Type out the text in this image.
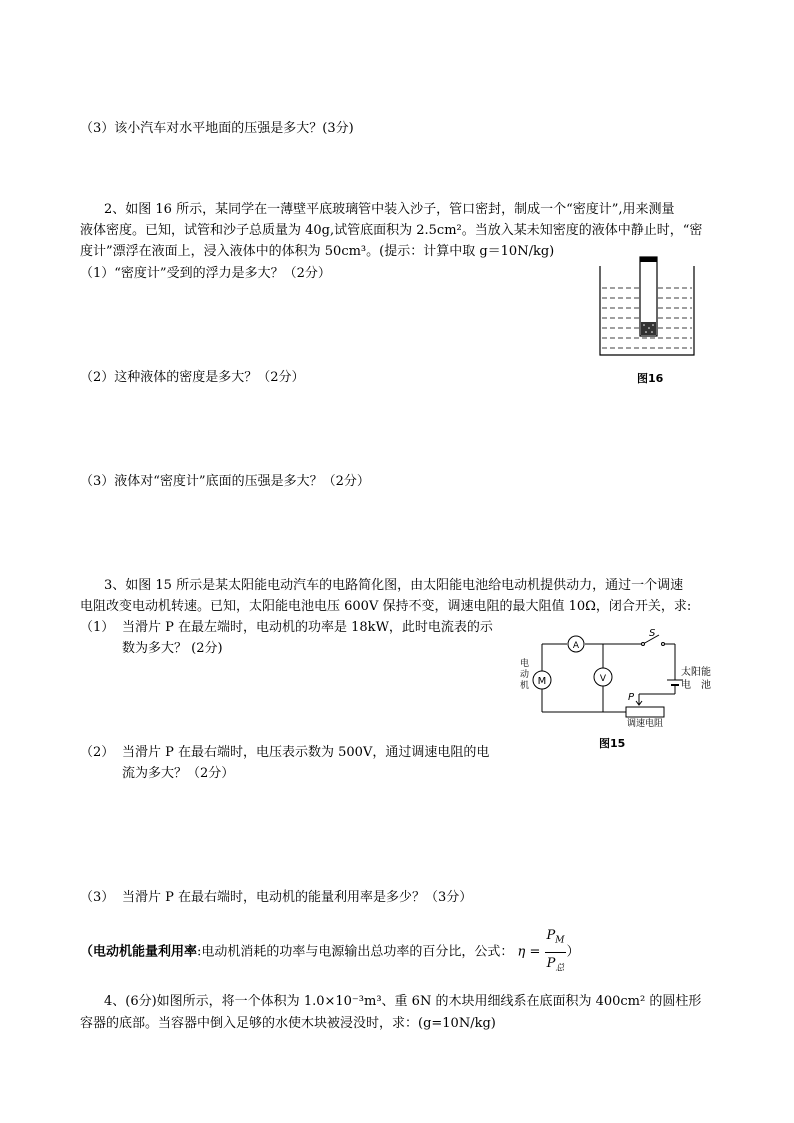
（3）该小汽车对水平地面的压强是多大？(3分)
2、如图 16 所示，某同学在一薄壁平底玻璃管中装入沙子，管口密封，制成一个“密度计”,用来测量
液体密度。已知，试管和沙子总质量为 40g,试管底面积为 2.5cm²。当放入某未知密度的液体中静止时，“密
度计”漂浮在液面上，浸入液体中的体积为 50cm³。(提示：计算中取 g＝10N/kg)
（1）“密度计”受到的浮力是多大？（2分）
（2）这种液体的密度是多大？（2分）
（3）液体对“密度计”底面的压强是多大？（2分）
图16
3、如图 15 所示是某太阳能电动汽车的电路简化图，由太阳能电池给电动机提供动力，通过一个调速
电阻改变电动机转速。已知，太阳能电池电压 600V 保持不变，调速电阻的最大阻值 10Ω，闭合开关，求:
（1） 当滑片 P 在最左端时，电动机的功率是 18kW，此时电流表的示
数为多大？ (2分)
（2） 当滑片 P 在最右端时，电压表示数为 500V，通过调速电阻的电
流为多大？（2分）
（3） 当滑片 P 在最右端时，电动机的能量利用率是多少？（3分）
（电动机能量利用率:电动机消耗的功率与电源输出总功率的百分比，公式： $\eta = \frac{P_M}{P_总}$ ）
A
M	V
S
P
太阳能
电　池
调速电阻
电
动
机
图15
4、(6分)如图所示，将一个体积为 1.0×10⁻³m³、重 6N 的木块用细线系在底面积为 400cm² 的圆柱形
容器的底部。当容器中倒入足够的水使木块被浸没时，求：(g=10N/kg)
